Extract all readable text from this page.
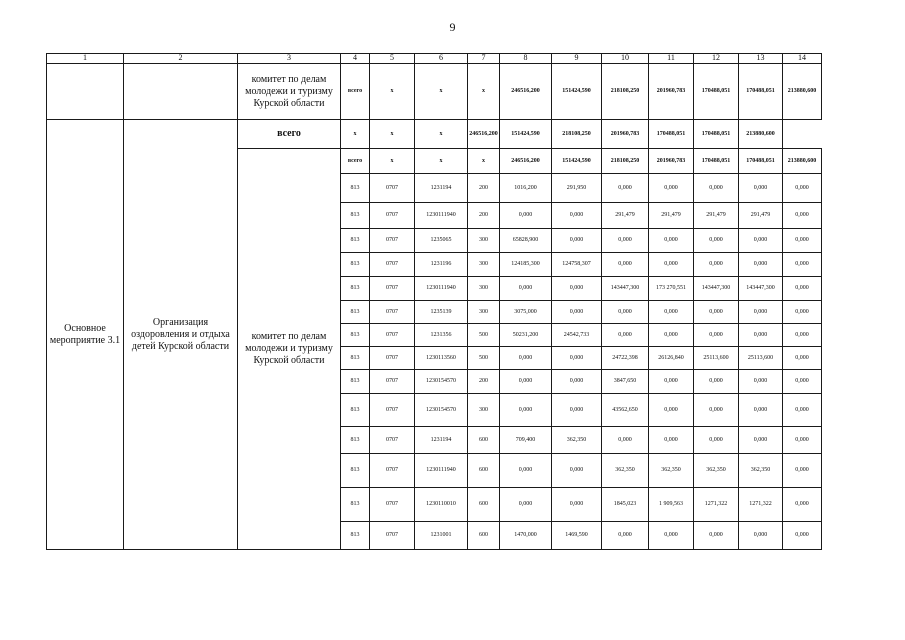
9
1	2	3	4	5	6	7	8	9	10	11	12	13	14
		комитет по делам молодежи и туризму Курской области	всего	x	x	x	246516,200	151424,590	218108,250	201960,783	170488,051	170488,051	213880,600
Основное мероприятие 3.1	Организация оздоровления и отдыха детей Курской области	всего	x	x	x	246516,200	151424,590	218108,250	201960,783	170488,051	170488,051	213880,600	
		комитет по делам молодежи и туризму Курской области	всего	x	x	x	246516,200	151424,590	218108,250	201960,783	170488,051	170488,051	213880,600
			813	0707	1231194	200	1016,200	291,950	0,000	0,000	0,000	0,000	0,000
			813	0707	1230111940	200	0,000	0,000	291,479	291,479	291,479	291,479	0,000
			813	0707	1235065	300	65828,900	0,000	0,000	0,000	0,000	0,000	0,000
			813	0707	1231196	300	124185,300	124758,307	0,000	0,000	0,000	0,000	0,000
			813	0707	1230111940	300	0,000	0,000	143447,300	173 270,551	143447,300	143447,300	0,000
			813	0707	1235139	300	3075,000	0,000	0,000	0,000	0,000	0,000	0,000
			813	0707	1231356	500	50231,200	24542,733	0,000	0,000	0,000	0,000	0,000
			813	0707	1230113560	500	0,000	0,000	24722,398	26126,840	25113,600	25113,600	0,000
			813	0707	1230154570	200	0,000	0,000	3847,650	0,000	0,000	0,000	0,000
			813	0707	1230154570	300	0,000	0,000	43562,650	0,000	0,000	0,000	0,000
			813	0707	1231194	600	709,400	362,350	0,000	0,000	0,000	0,000	0,000
			813	0707	1230111940	600	0,000	0,000	362,350	362,350	362,350	362,350	0,000
			813	0707	1230110010	600	0,000	0,000	1845,023	1 909,563	1271,322	1271,322	0,000
			813	0707	1231001	600	1470,000	1469,590	0,000	0,000	0,000	0,000	0,000
